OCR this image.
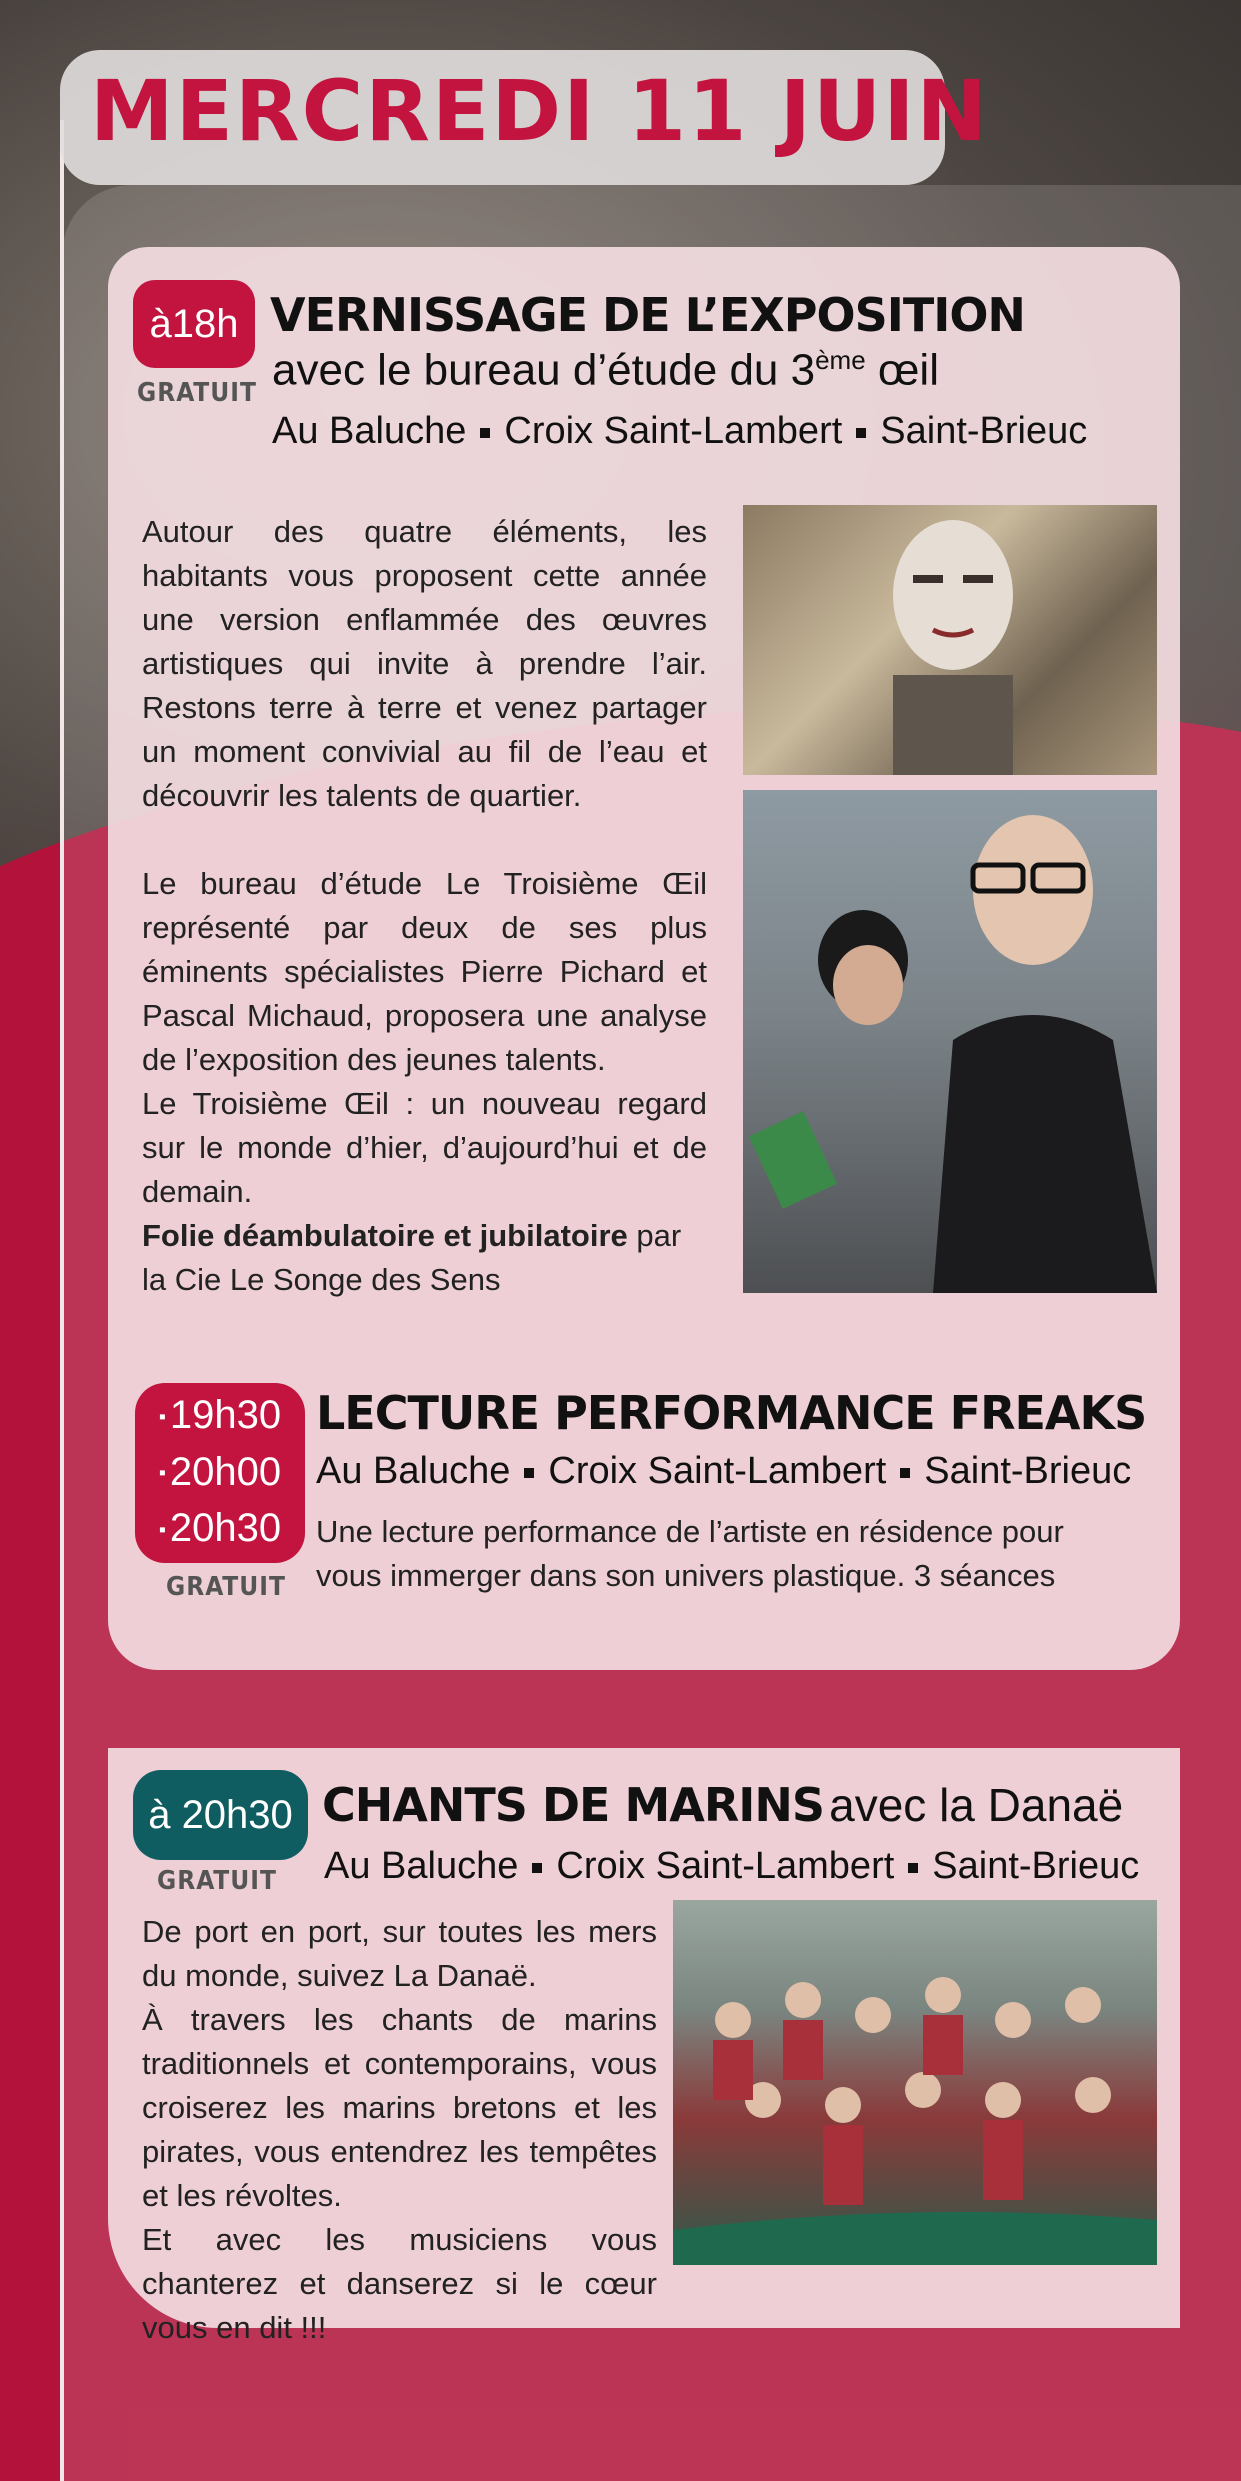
MERCREDI 11 JUIN
à18h
GRATUIT
VERNISSAGE DE L’EXPOSITION
avec le bureau d’étude du 3ème œil
Au Baluche Croix Saint-Lambert Saint-Brieuc

Autour des quatre éléments, les habitants vous proposent cette année une version enflammée des œuvres artistiques qui invite à prendre l’air. Restons terre à terre et venez partager un moment convivial au fil de l’eau et découvrir les talents de quartier.

Le bureau d’étude Le Troisième Œil représenté par deux de ses plus éminents spécialistes Pierre Pichard et Pascal Michaud, proposera une analyse de l’exposition des jeunes talents.

Le Troisième Œil : un nouveau regard sur le monde d’hier, d’aujourd’hui et de demain.

Folie déambulatoire et jubilatoire par la Cie Le Songe des Sens

▪ 19h30
▪ 20h00
▪ 20h30
GRATUIT
LECTURE PERFORMANCE FREAKS
Au Baluche Croix Saint-Lambert Saint-Brieuc
Une lecture performance de l’artiste en résidence pour vous immerger dans son univers plastique. 3 séances
à 20h30
GRATUIT
CHANTS DE MARINS avec la Danaë
Au Baluche Croix Saint-Lambert Saint-Brieuc

De port en port, sur toutes les mers du monde, suivez La Danaë.

À travers les chants de marins traditionnels et contemporains, vous croiserez les marins bretons et les pirates, vous entendrez les tempêtes et les révoltes.

Et avec les musiciens vous chanterez et danserez si le cœur vous en dit !!!
